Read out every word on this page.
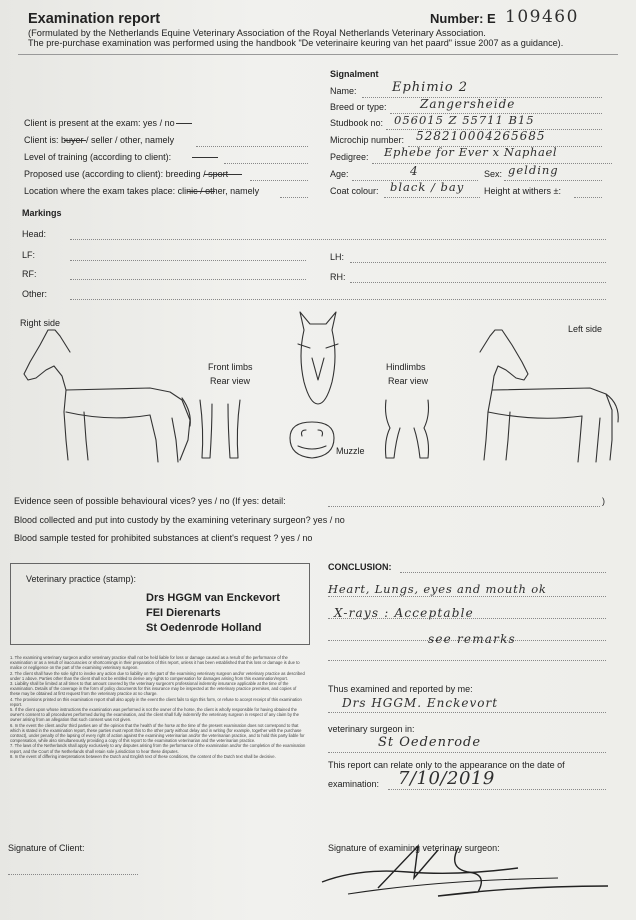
Examination report	Number: E 109460
(Formulated by the Netherlands Equine Veterinary Association of the Royal Netherlands Veterinary Association.
The pre-purchase examination was performed using the handbook "De veterinaire keuring van het paard" issue 2007 as a guidance).
Signalment
Name:	Ephimio 2
Breed or type:	Zangersheide
Studbook no: 056015 Z 55711 B15
Microchip number: 528210004265685
Pedigree: Ephebe for Ever x Naphael
Age:	4	Sex: gelding
Coat colour: black / bay Height at withers ±:
Client is present at the exam: yes / no
Client is: buyer / seller / other, namely
Level of training (according to client):
Proposed use (according to client): breeding / sport
Location where the exam takes place: clinic / other, namely
Markings
Head:
LF:	LH:
RF:	RH:
Other:
Right side
Left side
Front limbs
Rear view
Hindlimbs
Rear view
Muzzle
Evidence seen of possible behavioural vices? yes / no (If yes: detail:	)
Blood collected and put into custody by the examining veterinary surgeon? yes / no
Blood sample tested for prohibited substances at client's request ? yes / no
Veterinary practice (stamp):
Drs HGGM van Enckevort
FEI Dierenarts
St Oedenrode Holland
1. The examining veterinary surgeon and/or veterinary practice shall not be held liable for loss or damage caused as a result of the performance of the examination or as a result of inaccuracies or shortcomings in their preparation of this report, unless it has been established that this loss or damage is due to malice or negligence on the part of the examining veterinary surgeon.
2. The client shall have the sole right to invoke any action due to liability on the part of the examining veterinary surgeon and/or veterinary practice as described under 1 above. Parties other than the client shall not be entitled to derive any rights to compensation for damages arising from this examination/report.
3. Liability shall be limited at all times to that amount covered by the veterinary surgeon's professional indemnity insurance applicable at the time of the examination. Details of the coverage in the form of policy documents for this insurance may be inspected at the veterinary practice premises, and copies of these may be obtained at first request from the veterinary practice at no charge.
4. The provisions printed on this examination report shall also apply in the event the client fails to sign this form, or refuse to accept receipt of this examination report.
5. If the client upon whose instructions the examination was performed is not the owner of the horse, the client is wholly responsible for having obtained the owner's consent to all procedures performed during the examination, and the client shall fully indemnify the veterinary surgeon in respect of any claim by the owner arising from an allegation that such consent was not given.
6. In the event the client and/or third parties are of the opinion that the health of the horse at the time of the present examination does not correspond to that which is stated in the examination report, these parties must report this to the other party without delay and in writing (for example, together with the purchase contract), under penalty of the lapsing of every right of action against the examining veterinarian and/or the veterinarian practice, and to hold this party liable for compensation, while also simultaneously providing a copy of this report to the examination veterinarian and the veterinarian practice.
7. The laws of the Netherlands shall apply exclusively to any disputes arising from the performance of the examination and/or the completion of the examination report, and the Court of the Netherlands shall retain sole jurisdiction to hear these disputes.
8. In the event of differing interpretations between the Dutch and English text of these conditions, the content of the Dutch text shall be decisive.
CONCLUSION:
Heart, Lungs, eyes and mouth ok
X-rays : Acceptable
see remarks
Thus examined and reported by me:
Drs HGGM. Enckevort
veterinary surgeon in:
St Oedenrode
This report can relate only to the appearance on the date of
examination: 7/10/2019
Signature of Client:	Signature of examining veterinary surgeon:
